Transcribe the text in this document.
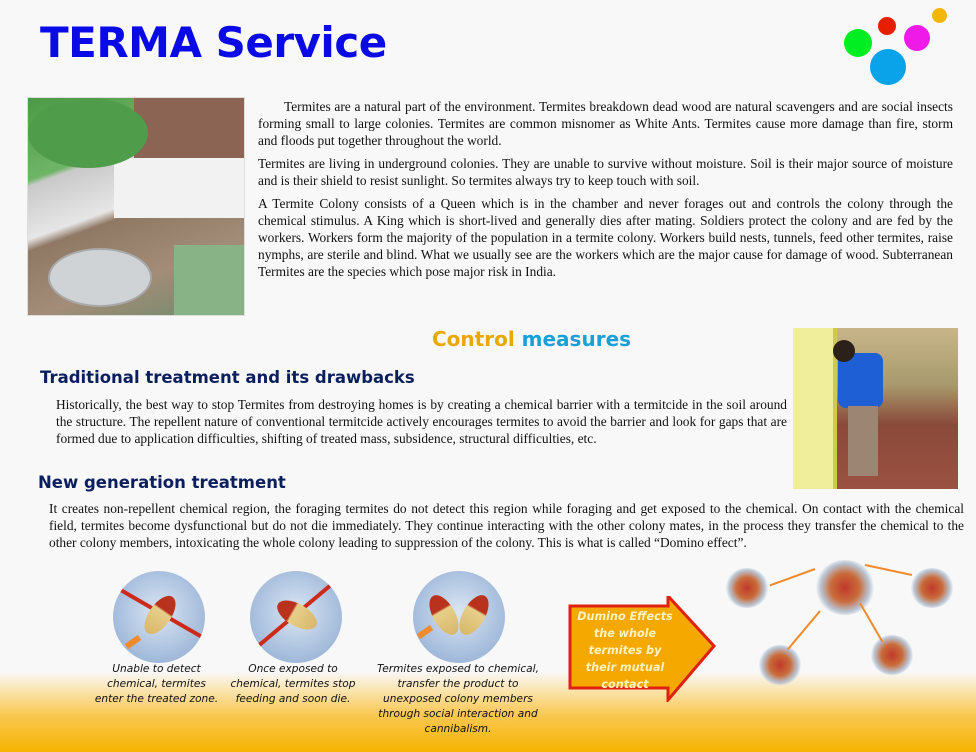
TERMA Service

Termites are a natural part of the environment. Termites breakdown dead wood are natural scavengers and are social insects forming small to large colonies. Termites are common misnomer as White Ants. Termites cause more damage than fire, storm and floods put together throughout the world.

Termites are living in underground colonies. They are unable to survive without moisture. Soil is their major source of moisture and is their shield to resist sunlight. So termites always try to keep touch with soil.

A Termite Colony consists of a Queen which is in the chamber and never forages out and controls the colony through the chemical stimulus. A King which is short-lived and generally dies after mating. Soldiers protect the colony and are fed by the workers. Workers form the majority of the population in a termite colony. Workers build nests, tunnels, feed other termites, raise nymphs, are sterile and blind. What we usually see are the workers which are the major cause for damage of wood. Subterranean Termites are the species which pose major risk in India.

Control measures
Traditional treatment and its drawbacks

Historically, the best way to stop Termites from destroying homes is by creating a chemical barrier with a termitcide in the soil around the structure. The repellent nature of conventional termitcide actively encourages termites to avoid the barrier and look for gaps that are formed due to application difficulties, shifting of treated mass, subsidence, structural difficulties, etc.

New generation treatment

It creates non-repellent chemical region, the foraging termites do not detect this region while foraging and get exposed to the chemical. On contact with the chemical field, termites become dysfunctional but do not die immediately. They continue interacting with the other colony mates, in the process they transfer the chemical to the other colony members, intoxicating the whole colony leading to suppression of the colony. This is what is called “Domino effect”.

Unable to detect chemical, termites enter the treated zone.
Once exposed to chemical, termites stop feeding and soon die.
Termites exposed to chemical, transfer the product to unexposed colony members through social interaction and cannibalism.
Dumino Effects the whole termites by their mutual contact
